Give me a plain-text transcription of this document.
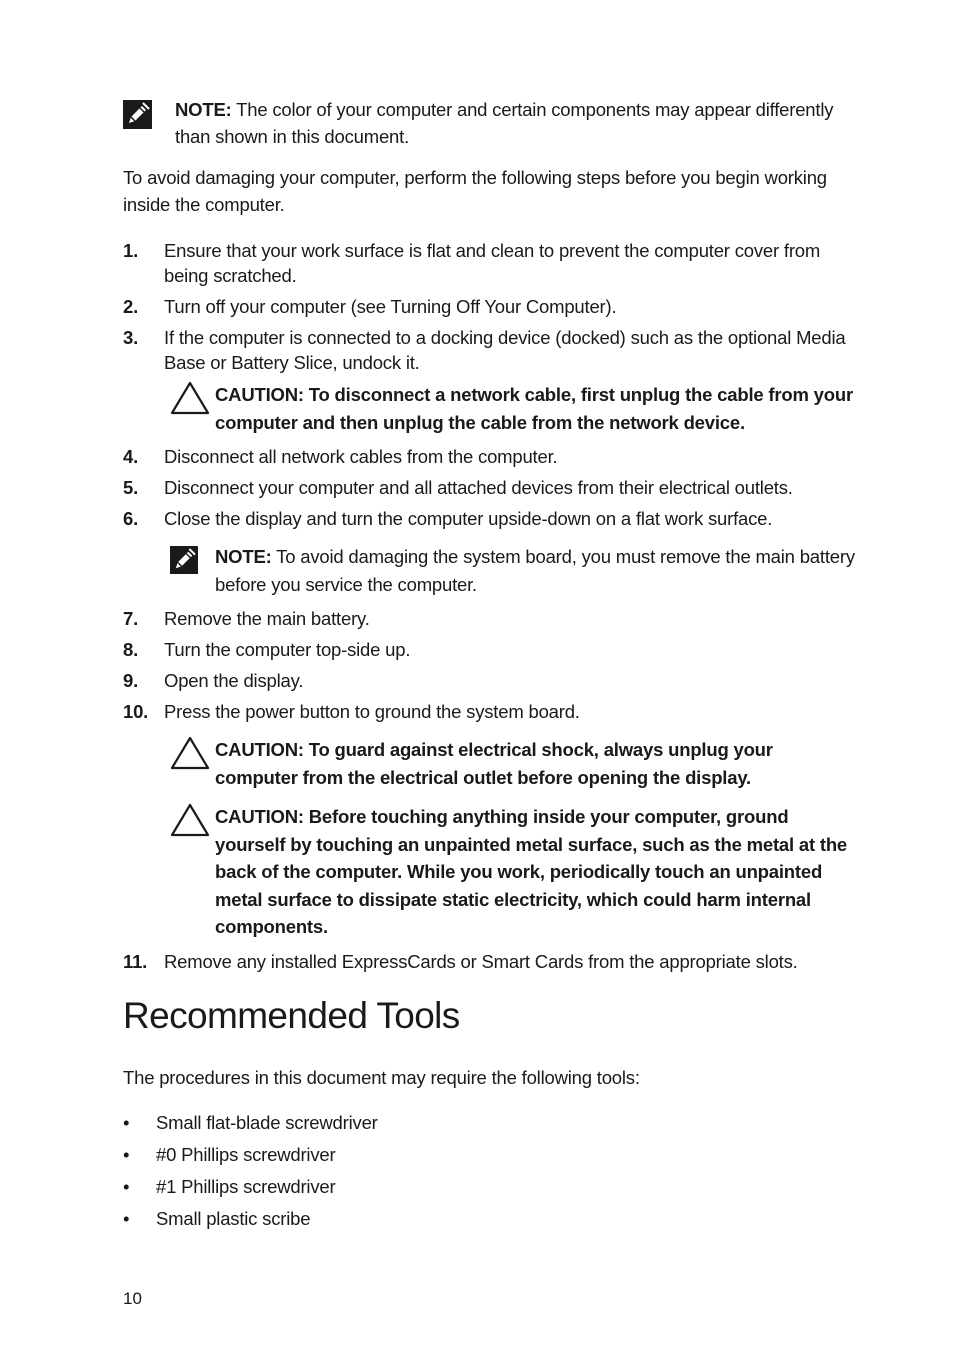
NOTE: The color of your computer and certain components may appear differently than shown in this document.

To avoid damaging your computer, perform the following steps before you begin working inside the computer.

1. Ensure that your work surface is flat and clean to prevent the computer cover from being scratched.
2. Turn off your computer (see Turning Off Your Computer).
3. If the computer is connected to a docking device (docked) such as the optional Media Base or Battery Slice, undock it.
CAUTION: To disconnect a network cable, first unplug the cable from your computer and then unplug the cable from the network device.
4. Disconnect all network cables from the computer.
5. Disconnect your computer and all attached devices from their electrical outlets.
6. Close the display and turn the computer upside-down on a flat work surface.
NOTE: To avoid damaging the system board, you must remove the main battery before you service the computer.
7. Remove the main battery.
8. Turn the computer top-side up.
9. Open the display.
10. Press the power button to ground the system board.
CAUTION: To guard against electrical shock, always unplug your computer from the electrical outlet before opening the display.
CAUTION: Before touching anything inside your computer, ground yourself by touching an unpainted metal surface, such as the metal at the back of the computer. While you work, periodically touch an unpainted metal surface to dissipate static electricity, which could harm internal components.
11. Remove any installed ExpressCards or Smart Cards from the appropriate slots.
Recommended Tools

The procedures in this document may require the following tools:

• Small flat-blade screwdriver
• #0 Phillips screwdriver
• #1 Phillips screwdriver
• Small plastic scribe
10
